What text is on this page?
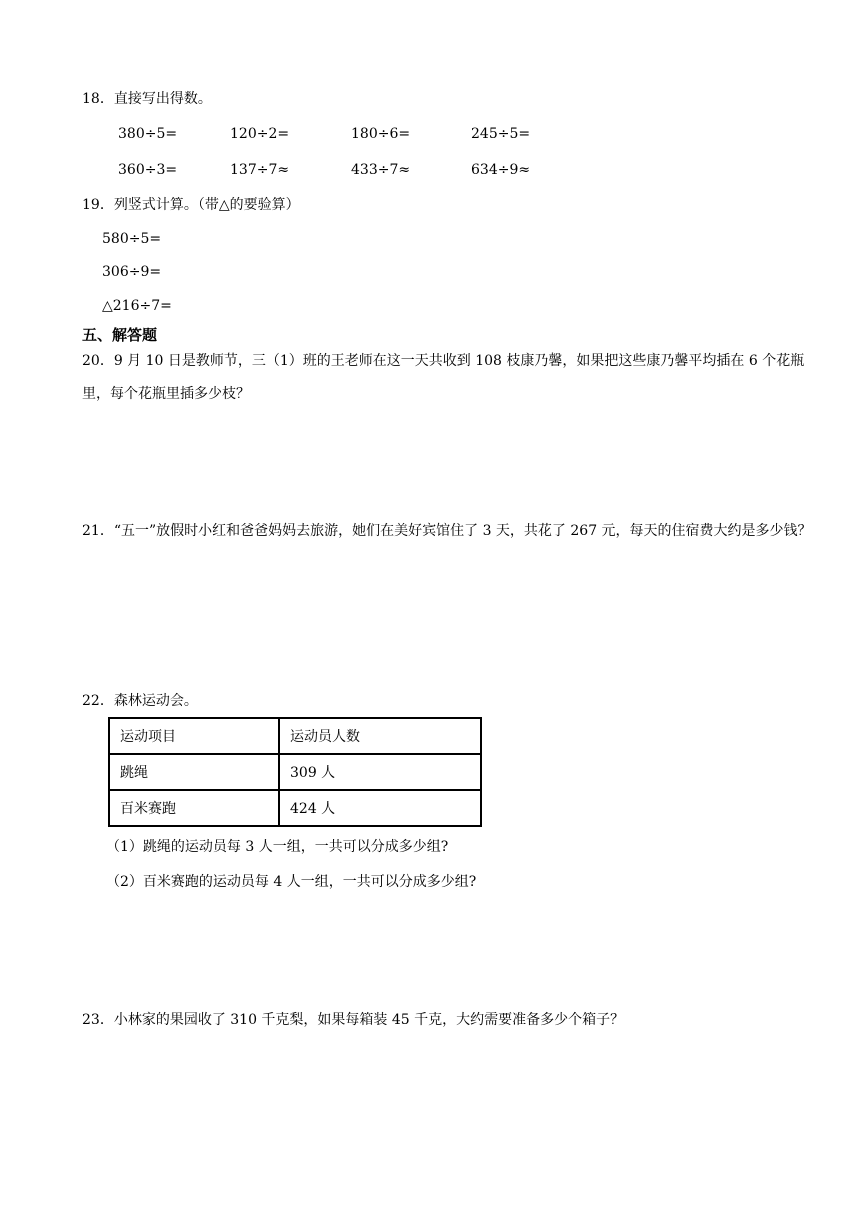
18．直接写出得数。
380÷5=	120÷2=	180÷6=	245÷5=
360÷3=	137÷7≈	433÷7≈	634÷9≈
19．列竖式计算。（带△的要验算）
580÷5=
306÷9=
△216÷7=
五、解答题
20．9 月 10 日是教师节，三（1）班的王老师在这一天共收到 108 枝康乃馨，如果把这些康乃馨平均插在 6 个花瓶里，每个花瓶里插多少枝？
21．“五一”放假时小红和爸爸妈妈去旅游，她们在美好宾馆住了 3 天，共花了 267 元，每天的住宿费大约是多少钱？
22．森林运动会。
运动项目	运动员人数
跳绳	309 人
百米赛跑	424 人
（1）跳绳的运动员每 3 人一组，一共可以分成多少组?
（2）百米赛跑的运动员每 4 人一组，一共可以分成多少组?
23．小林家的果园收了 310 千克梨，如果每箱装 45 千克，大约需要准备多少个箱子？
